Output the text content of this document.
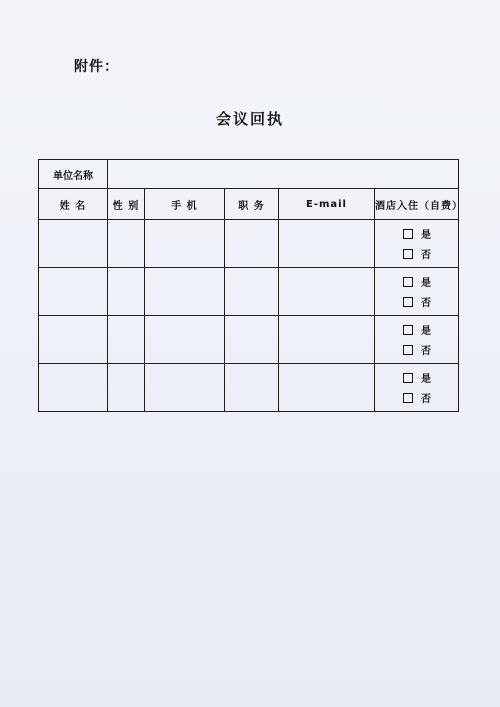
附件：
会议回执
单位名称					
姓 名	性 别	手 机	职 务	E-mail	酒店入住（自费）

					是
否

					是
否

					是
否

					是
否
